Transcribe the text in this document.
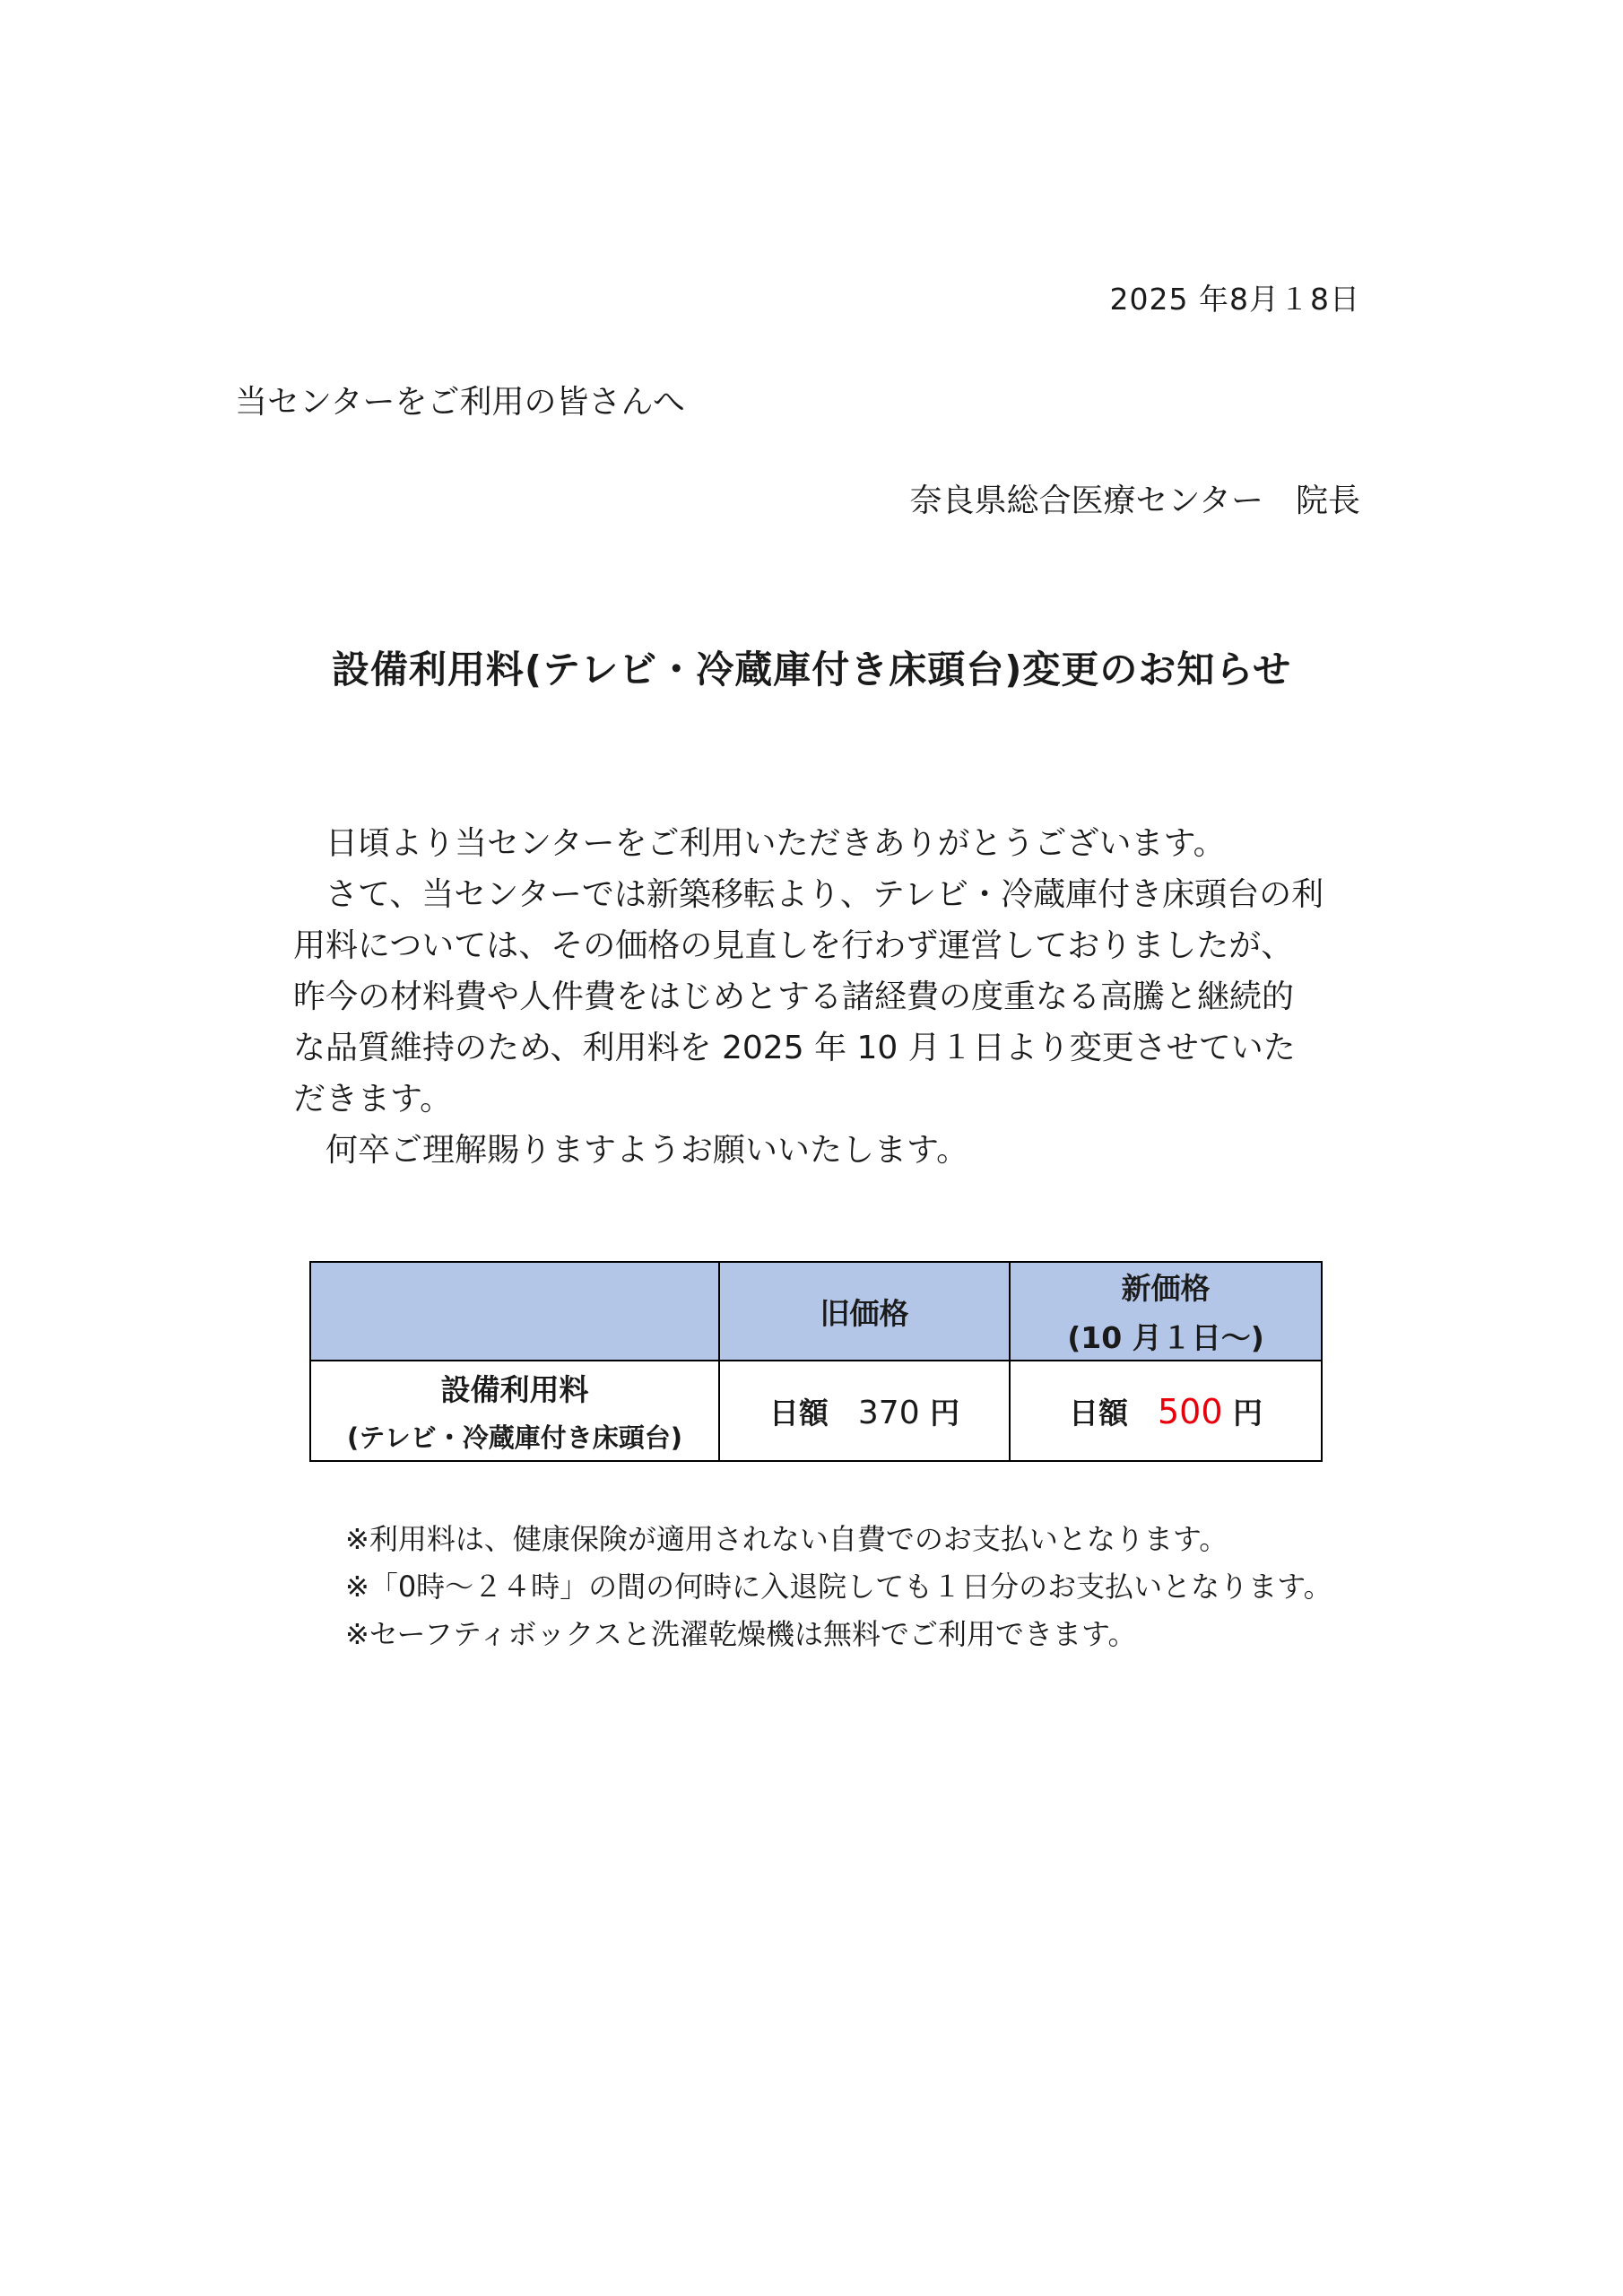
2025 年8月１8日
当センターをご利用の皆さんへ
奈良県総合医療センター　院長
設備利用料(テレビ・冷蔵庫付き床頭台)変更のお知らせ

日頃より当センターをご利用いただきありがとうございます。

さて、当センターでは新築移転より、テレビ・冷蔵庫付き床頭台の利

用料については、その価格の見直しを行わず運営しておりましたが、

昨今の材料費や人件費をはじめとする諸経費の度重なる高騰と継続的

な品質維持のため、利用料を 2025 年 10 月１日より変更させていた

だきます。

何卒ご理解賜りますようお願いいたします。

	旧価格	新価格
(10 月１日～)

設備利用料
(テレビ・冷蔵庫付き床頭台)	日額　370 円	日額　500 円
※利用料は、健康保険が適用されない自費でのお支払いとなります。
※「0時～２４時」の間の何時に入退院しても１日分のお支払いとなります。
※セーフティボックスと洗濯乾燥機は無料でご利用できます。
